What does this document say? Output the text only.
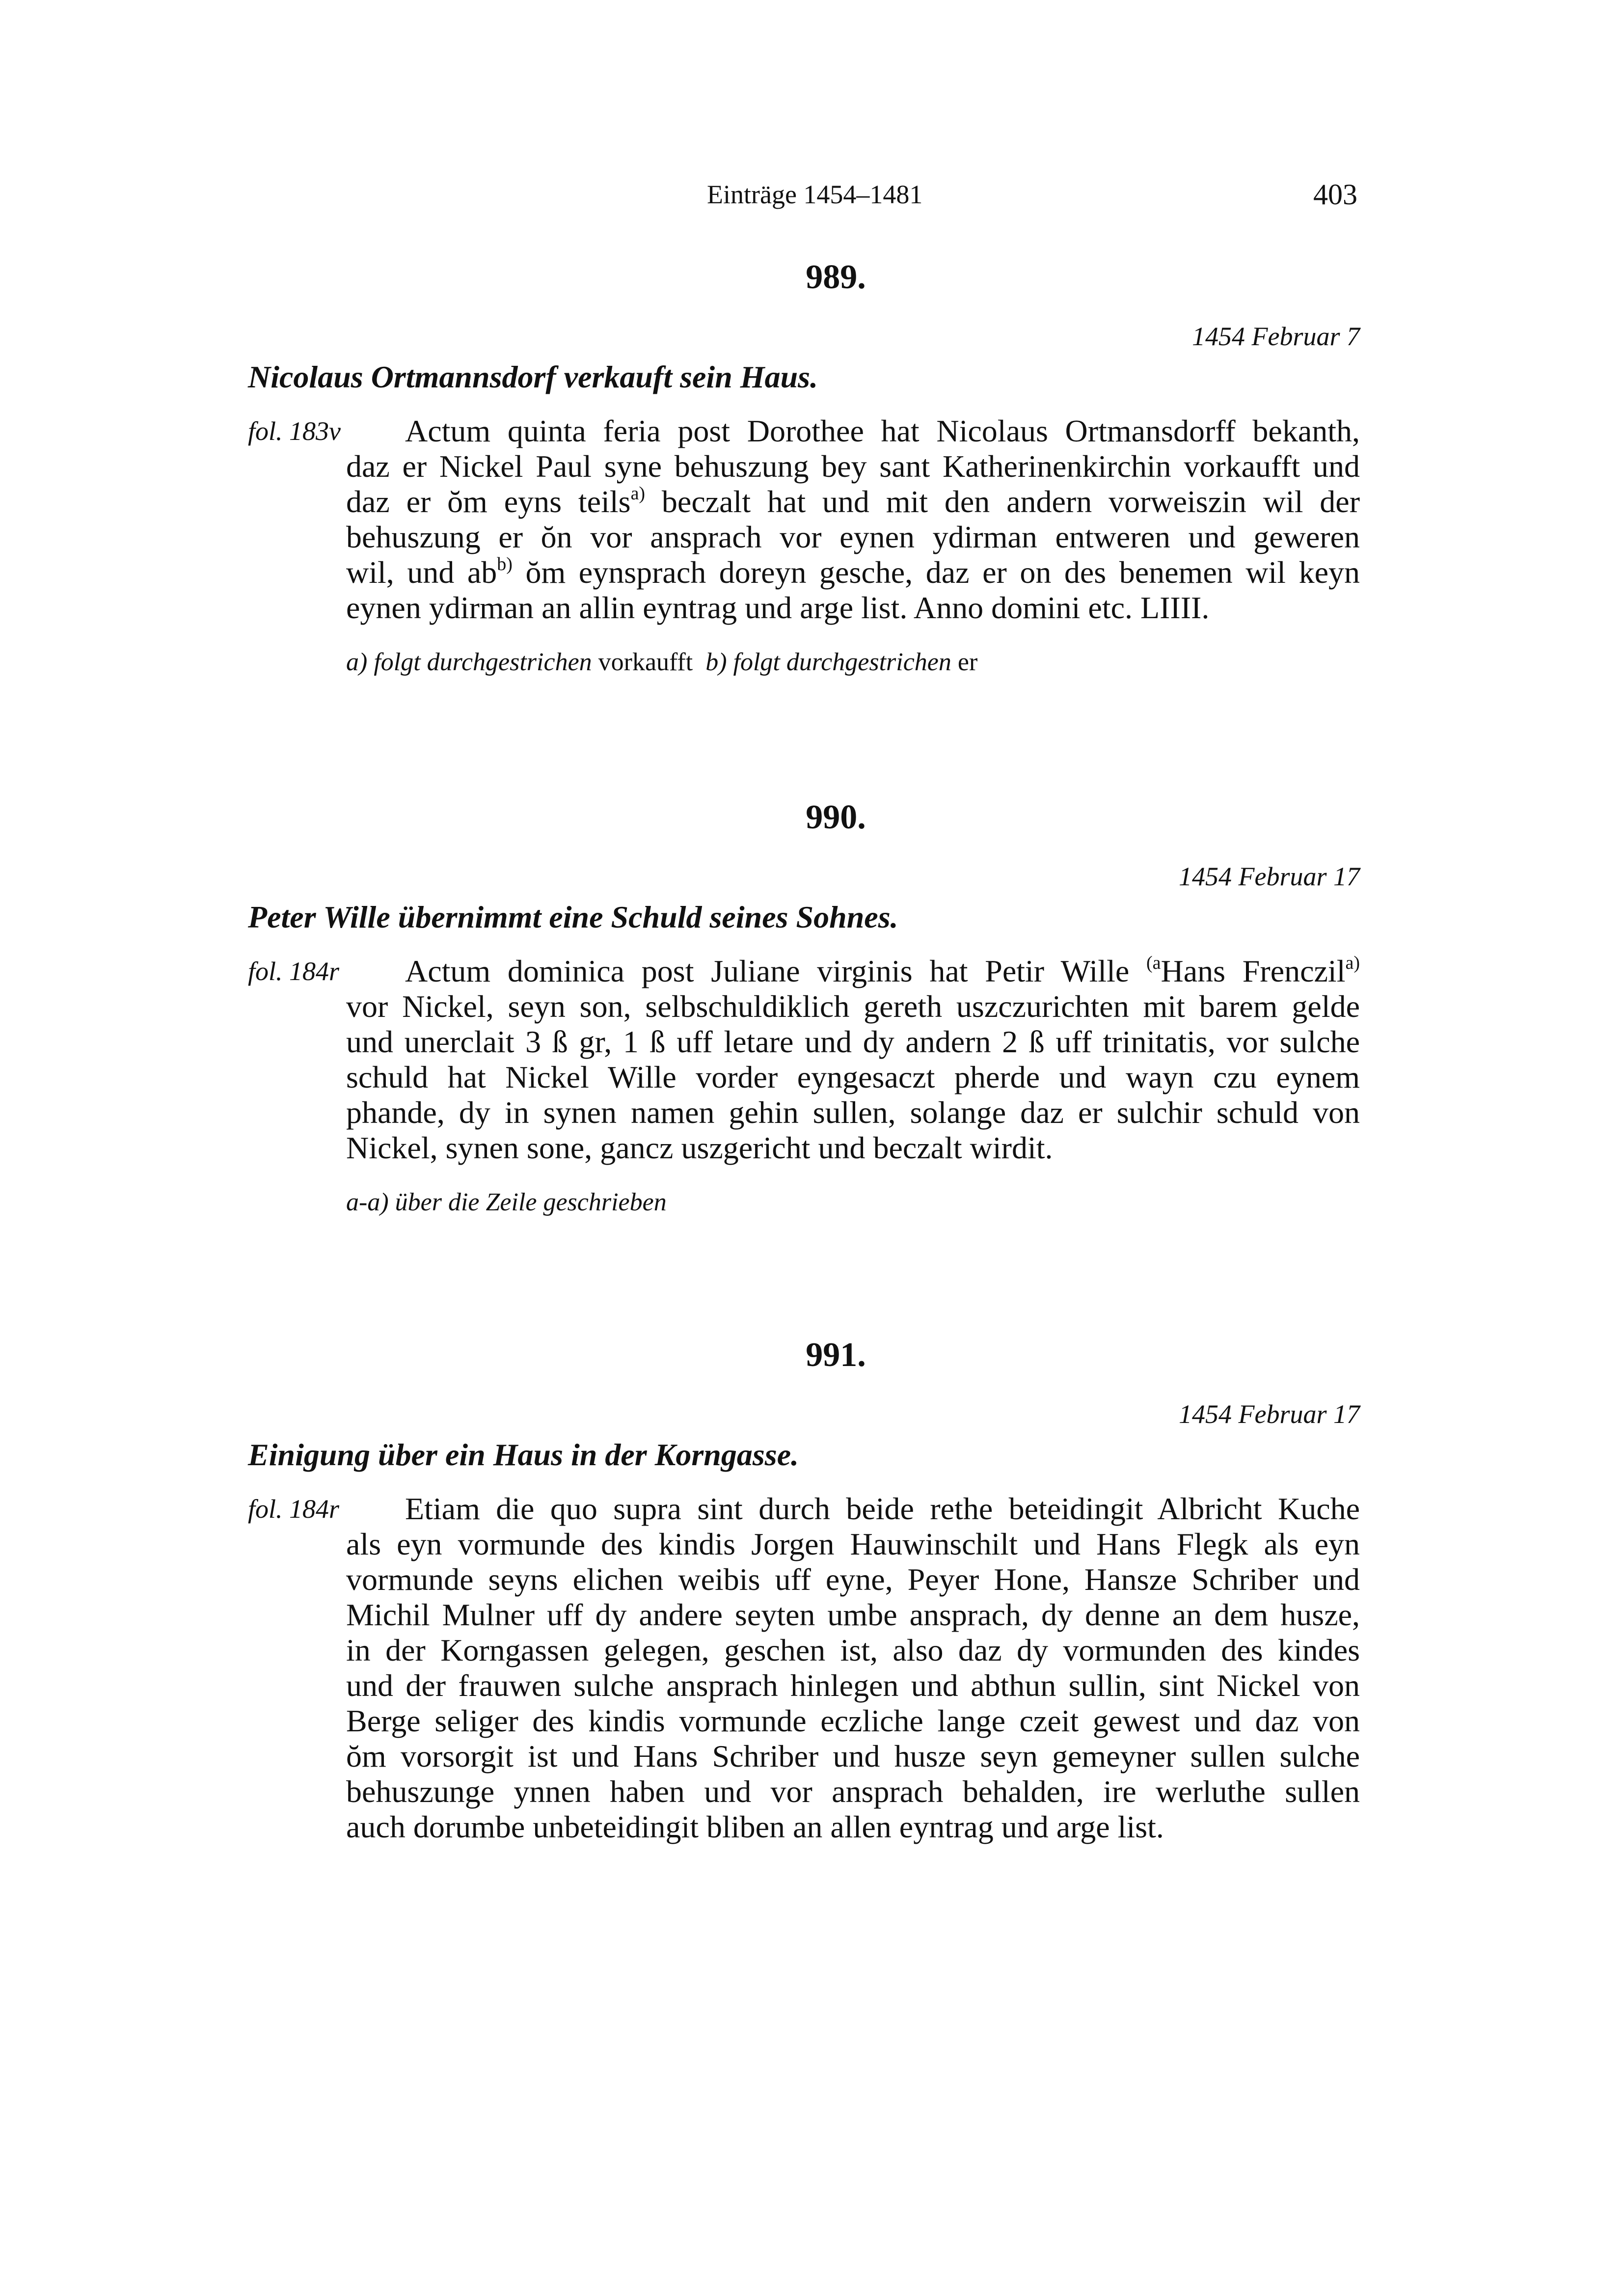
Einträge 1454–1481	403
989.
1454 Februar 7
Nicolaus Ortmannsdorf verkauft sein Haus.
fol. 183v	Actum quinta feria post Dorothee hat Nicolaus Ortmansdorff bekanth,
daz er Nickel Paul syne behuszung bey sant Katherinenkirchin vorkaufft und
daz er ŏm eyns teils$^{a)}$ beczalt hat und mit den andern vorweiszin wil der
behuszung er ŏn vor ansprach vor eynen ydirman entweren und geweren
wil, und $ab^{b)}$ ŏm eynsprach doreyn gesche, daz er on des benemen wil keyn
eynen ydirman an allin eyntrag und arge list. Anno domini etc. LIIII.
a) folgt durchgestrichen vorkaufft  b) folgt durchgestrichen er
990.
1454 Februar 17
Peter Wille übernimmt eine Schuld seines Sohnes.
fol. 184r	Actum dominica post Juliane virginis hat Petir Wille $^{(a}$Hans Frenczil$^{a)}$
vor Nickel, seyn son, selbschuldiklich gereth uszczurichten mit barem gelde
und unerclait 3 ß gr, 1 ß uff letare und dy andern 2 ß uff trinitatis, vor sulche
schuld hat Nickel Wille vorder eyngesaczt pherde und wayn czu eynem
phande, dy in synen namen gehin sullen, solange daz er sulchir schuld von
Nickel, synen sone, gancz uszgericht und beczalt wirdit.
a-a) über die Zeile geschrieben
991.
1454 Februar 17
Einigung über ein Haus in der Korngasse.
fol. 184r	Etiam die quo supra sint durch beide rethe beteidingit Albricht Kuche
als eyn vormunde des kindis Jorgen Hauwinschilt und Hans Flegk als eyn
vormunde seyns elichen weibis uff eyne, Peyer Hone, Hansze Schriber und
Michil Mulner uff dy andere seyten umbe ansprach, dy denne an dem husze,
in der Korngassen gelegen, geschen ist, also daz dy vormunden des kindes
und der frauwen sulche ansprach hinlegen und abthun sullin, sint Nickel von
Berge seliger des kindis vormunde eczliche lange czeit gewest und daz von
ŏm vorsorgit ist und Hans Schriber und husze seyn gemeyner sullen sulche
behuszunge ynnen haben und vor ansprach behalden, ire werluthe sullen
auch dorumbe unbeteidingit bliben an allen eyntrag und arge list.
